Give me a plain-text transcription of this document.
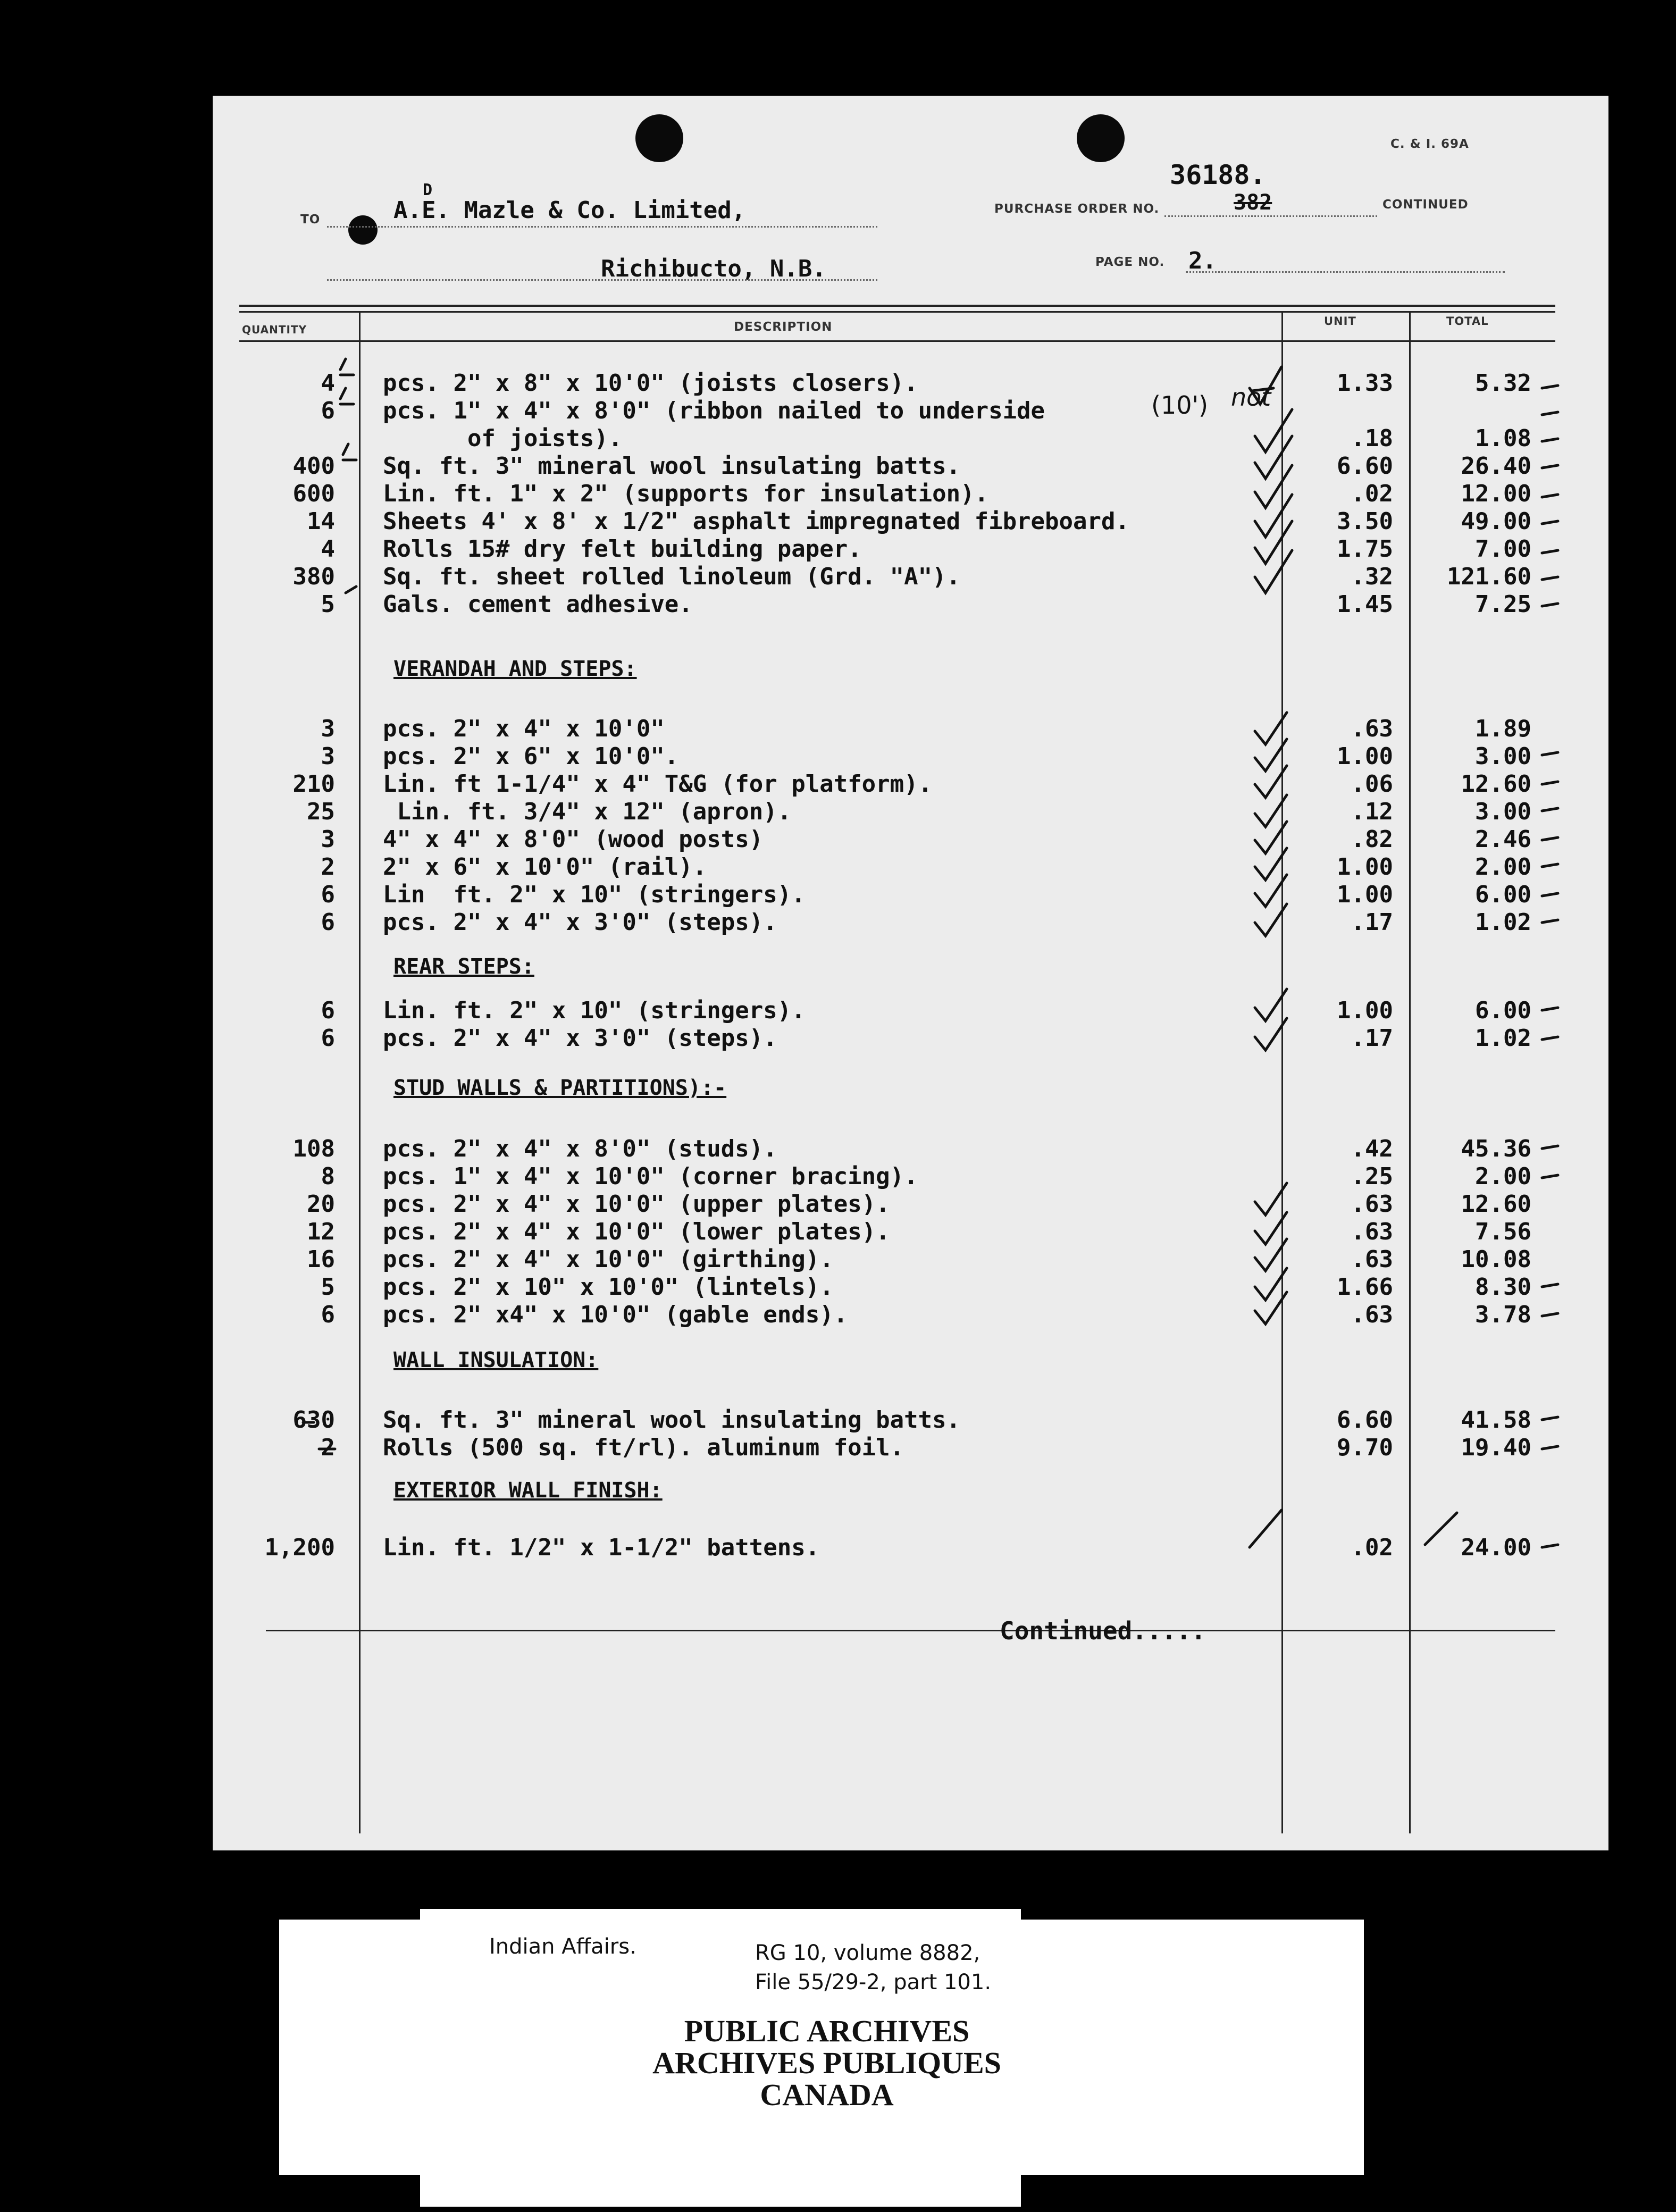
C. & I. 69A
TO
D
A.E. Mazle & Co. Limited,	PURCHASE ORDER NO.
36188.
382	CONTINUED
Richibucto, N.B.	PAGE NO. 2.
QUANTITY	DESCRIPTION	UNIT	TOTAL
4 pcs. 2" x 8" x 10'0" (joists closers).	1.33	5.32
6 pcs. 1" x 4" x 8'0" (ribbon nailed to underside	(10') not
of joists).	.18	1.08
400 Sq. ft. 3" mineral wool insulating batts.	6.60	26.40
600 Lin. ft. 1" x 2" (supports for insulation).	.02	12.00
14 Sheets 4' x 8' x 1/2" asphalt impregnated fibreboard.	3.50	49.00
4 Rolls 15# dry felt building paper.	1.75	7.00
380 Sq. ft. sheet rolled linoleum (Grd. "A").	.32	121.60
5 Gals. cement adhesive.	1.45	7.25
VERANDAH AND STEPS:
3 pcs. 2" x 4" x 10'0"	.63	1.89
3 pcs. 2" x 6" x 10'0".	1.00	3.00
210 Lin. ft 1-1/4" x 4" T&G (for platform).	.06	12.60
25 Lin. ft. 3/4" x 12" (apron).	.12	3.00
3 4" x 4" x 8'0" (wood posts)	.82	2.46
2 2" x 6" x 10'0" (rail).	1.00	2.00
6 Lin  ft. 2" x 10" (stringers).	1.00	6.00
6 pcs. 2" x 4" x 3'0" (steps).	.17	1.02
REAR STEPS:
6 Lin. ft. 2" x 10" (stringers).	1.00	6.00
6 pcs. 2" x 4" x 3'0" (steps).	.17	1.02
STUD WALLS & PARTITIONS):-
108 pcs. 2" x 4" x 8'0" (studs).	.42	45.36
8 pcs. 1" x 4" x 10'0" (corner bracing).	.25	2.00
20 pcs. 2" x 4" x 10'0" (upper plates).	.63	12.60
12 pcs. 2" x 4" x 10'0" (lower plates).	.63	7.56
16 pcs. 2" x 4" x 10'0" (girthing).	.63	10.08
5 pcs. 2" x 10" x 10'0" (lintels).	1.66	8.30
6 pcs. 2" x4" x 10'0" (gable ends).	.63	3.78
WALL INSULATION:
630 Sq. ft. 3" mineral wool insulating batts.	6.60	41.58
2 Rolls (500 sq. ft/rl). aluminum foil.	9.70	19.40
EXTERIOR WALL FINISH:
1,200 Lin. ft. 1/2" x 1-1/2" battens.	.02	24.00
Continued.....
Indian Affairs.	RG 10, volume 8882,
File 55/29-2, part 101.
PUBLIC ARCHIVES
ARCHIVES PUBLIQUES
CANADA
